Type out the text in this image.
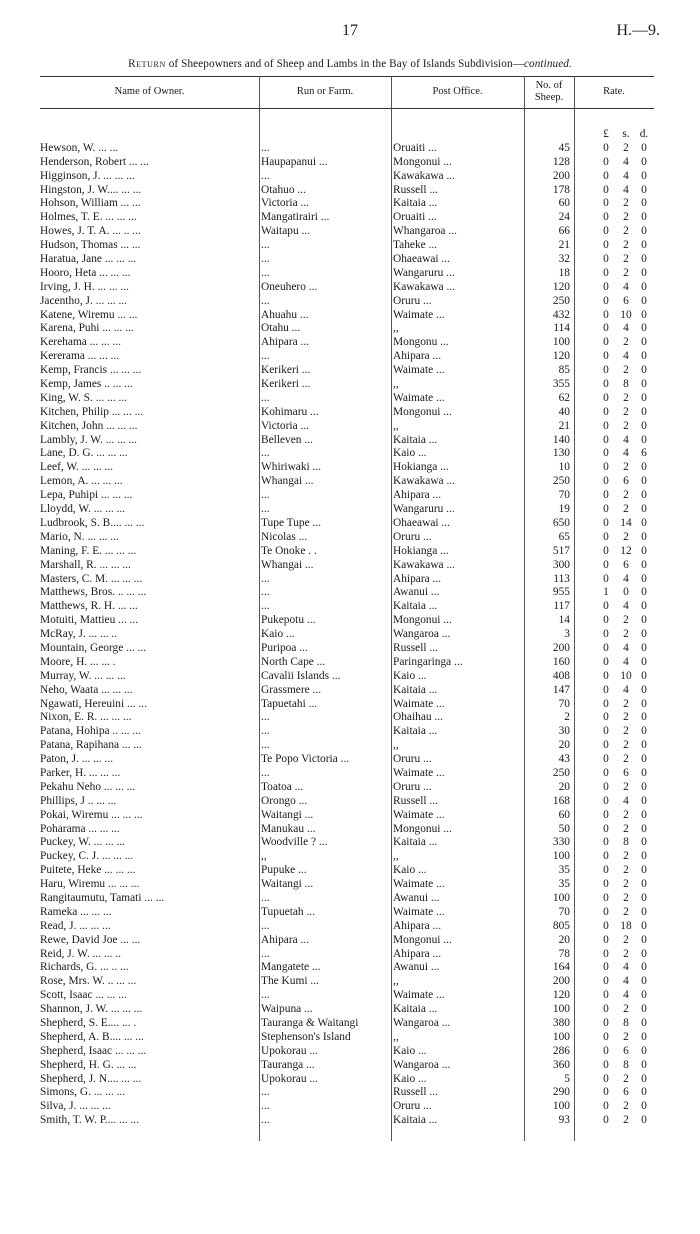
17	H.—9.
Return of Sheepowners and of Sheep and Lambs in the Bay of Islands Subdivision—continued.
Name of Owner.	Run or Farm.	Post Office.
No. of
Sheep.
Rate.
£	s. d.
Hewson, W. ... ...	...	Oruaiti ...	45	0	2	0
Henderson, Robert ... ...	Haupapanui ...	Mongonui ...	128	0	4	0
Higginson, J. ... ... ...	...	Kawakawa ...	200	0	4	0
Hingston, J. W.... ... ...	Otahuo ...	Russell ...	178	0	4	0
Hohson, William ... ...	Victoria ...	Kaitaia ...	60	0	2	0
Holmes, T. E. ... ... ...	Mangatirairi ...	Oruaiti ...	24	0	2	0
Howes, J. T. A. ... .. ...	Waitapu ...	Whangaroa ...	66	0	2	0
Hudson, Thomas ... ...	...	Taheke ...	21	0	2	0
Haratua, Jane ... ... ...	...	Ohaeawai ...	32	0	2	0
Hooro, Heta ... ... ...	...	Wangaruru ...	18	0	2	0
Irving, J. H. ... ... ...	Oneuhero ...	Kawakawa ...	120	0	4	0
Jacentho, J. ... ... ...	...	Oruru ...	250	0	6	0
Katene, Wiremu ... ...	Ahuahu ...	Waimate ...	432	0 10 0
Karena, Puhi ... ... ...	Otahu ...	,,	114	0	4	0
Kerehama ... ... ...	Ahipara ...	Mongonu ...	100	0	2	0
Kererama ... ... ...	...	Ahipara ...	120	0	4	0
Kemp, Francis ... ... ...	Kerikeri ...	Waimate ...	85	0	2	0
Kemp, James .. ... ...	Kerikeri ...	,,	355	0	8	0
King, W. S. ... ... ...	...	Waimate ...	62	0	2	0
Kitchen, Philip ... ... ...	Kohimaru ...	Mongonui ...	40	0	2	0
Kitchen, John ... ... ...	Victoria ...	,,	21	0	2	0
Lambly, J. W. ... ... ...	Belleven ...	Kaitaia ...	140	0	4	0
Lane, D. G. ... ... ...	...	Kaio ...	130	0	4	6
Leef, W. ... ... ...	Whiriwaki ...	Hokianga ...	10	0	2	0
Lemon, A. ... ... ...	Whangai ...	Kawakawa ...	250	0	6	0
Lepa, Puhipi ... ... ...	...	Ahipara ...	70	0	2	0
Lloydd, W. ... ... ...	...	Wangaruru ...	19	0	2	0
Ludbrook, S. B.... ... ...	Tupe Tupe ...	Ohaeawai ...	650	0 14 0
Mario, N. ... ... ...	Nicolas ...	Oruru ...	65	0	2	0
Maning, F. E. ... ... ...	Te Onoke . .	Hokianga ...	517	0 12 0
Marshall, R. ... ... ...	Whangai ...	Kawakawa ...	300	0	6	0
Masters, C. M. ... ... ...	...	Ahipara ...	113	0	4	0
Matthews, Bros. .. ... ...	...	Awanui ...	955	1	0	0
Matthews, R. H. ... ...	...	Kaitaia ...	117	0	4	0
Motuiti, Mattieu ... ...	Pukepotu ...	Mongonui ...	14	0	2	0
McRay, J. ... ... ..	Kaio ...	Wangaroa ...	3	0	2	0
Mountain, George ... ...	Puripoa ...	Russell ...	200	0	4	0
Moore, H. ... ... .	North Cape ...	Paringaringa ...	160	0	4	0
Murray, W. ... ... ...	Cavalii Islands ...	Kaio ...	408	0 10 0
Neho, Waata ... ... ...	Grassmere ...	Kaitaia ...	147	0	4	0
Ngawati, Hereuini ... ...	Tapuetahi ...	Waimate ...	70	0	2	0
Nixon, E. R. ... ... ...	...	Ohaihau ...	2	0	2	0
Patana, Hohipa .. ... ...	...	Kaitaia ...	30	0	2	0
Patana, Rapihana ... ...	...	,,	20	0	2	0
Paton, J. ... ... ...	Te Popo Victoria ...	Oruru ...	43	0	2	0
Parker, H. ... ... ...	...	Waimate ...	250	0	6	0
Pekahu Neho ... ... ...	Toatoa ...	Oruru ...	20	0	2	0
Phillips, J .. ... ...	Orongo ...	Russell ...	168	0	4	0
Pokai, Wiremu ... ... ...	Waitangi ...	Waimate ...	60	0	2	0
Poharama ... ... ...	Manukau ...	Mongonui ...	50	0	2	0
Puckey, W. ... ... ...	Woodville ? ...	Kaitaia ...	330	0	8	0
Puckey, C. J. ... ... ...	,,	,,	100	0	2	0
Puitete, Heke ... ... ...	Pupuke ...	Kaio ...	35	0	2	0
Haru, Wiremu ... ... ...	Waitangi ...	Waimate ...	35	0	2	0
Rangitaumutu, Tamati ... ...	...	Awanui ...	100	0	2	0
Rameka ... ... ...	Tupuetah ...	Waimate ...	70	0	2	0
Read, J. ... ... ...	...	Ahipara ...	805	0 18 0
Rewe, David Joe ... ...	Ahipara ...	Mongonui ...	20	0	2	0
Reid, J. W. ... ... ..	...	Ahipara ...	78	0	2	0
Richards, G. ... .. ...	Mangatete ...	Awanui ...	164	0	4	0
Rose, Mrs. W. .. ... ...	The Kumi ...	,,	200	0	4	0
Scott, Isaac ... ... ...	...	Waimate ...	120	0	4	0
Shannon, J. W. ... ... ...	Waipuna ...	Kaitaia ...	100	0	2	0
Shepherd, S. E.... ... .	Tauranga & Waitangi	Wangaroa ...	380	0	8	0
Shepherd, A. B.... ... ...	Stephenson's Island	,,	100	0	2	0
Shepherd, Isaac ... ... ...	Upokorau ...	Kaio ...	286	0	6	0
Shepherd, H. G. ... ...	Tauranga ...	Wangaroa ...	360	0	8	0
Shepherd, J. N.... ... ...	Upokorau ...	Kaio ...	5	0	2	0
Simons, G. ... ... ...	...	Russell ...	290	0	6	0
Silva, J. ... ... ...	...	Oruru ...	100	0	2	0
Smith, T. W. P.... ... ...	...	Kaitaia ...	93	0	2	0
